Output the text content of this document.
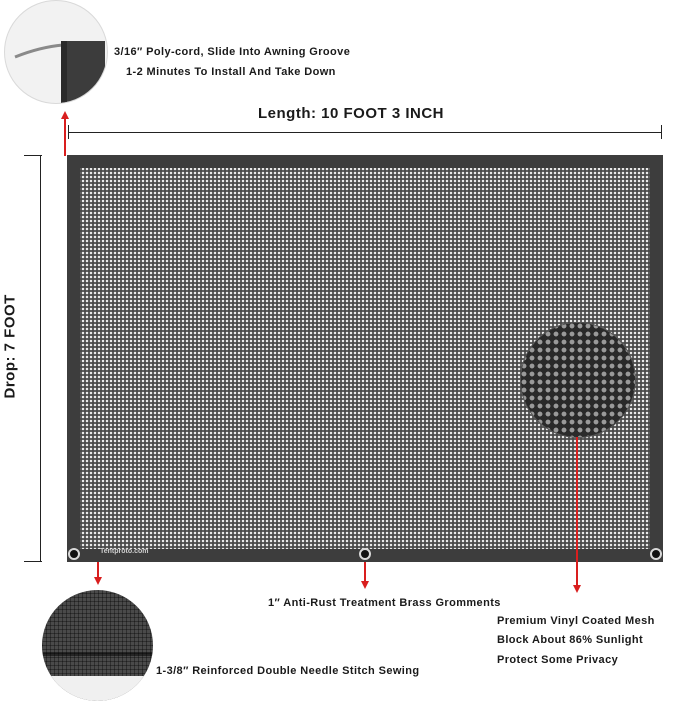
3/16″ Poly-cord, Slide Into Awning Groove
1-2 Minutes To Install And Take Down
Length: 10 FOOT 3 INCH
Drop: 7 FOOT
Tentproto.com
1″ Anti-Rust Treatment Brass Gromments
Premium Vinyl Coated Mesh
Block About 86% Sunlight
Protect Some Privacy
1-3/8″ Reinforced Double Needle Stitch Sewing
